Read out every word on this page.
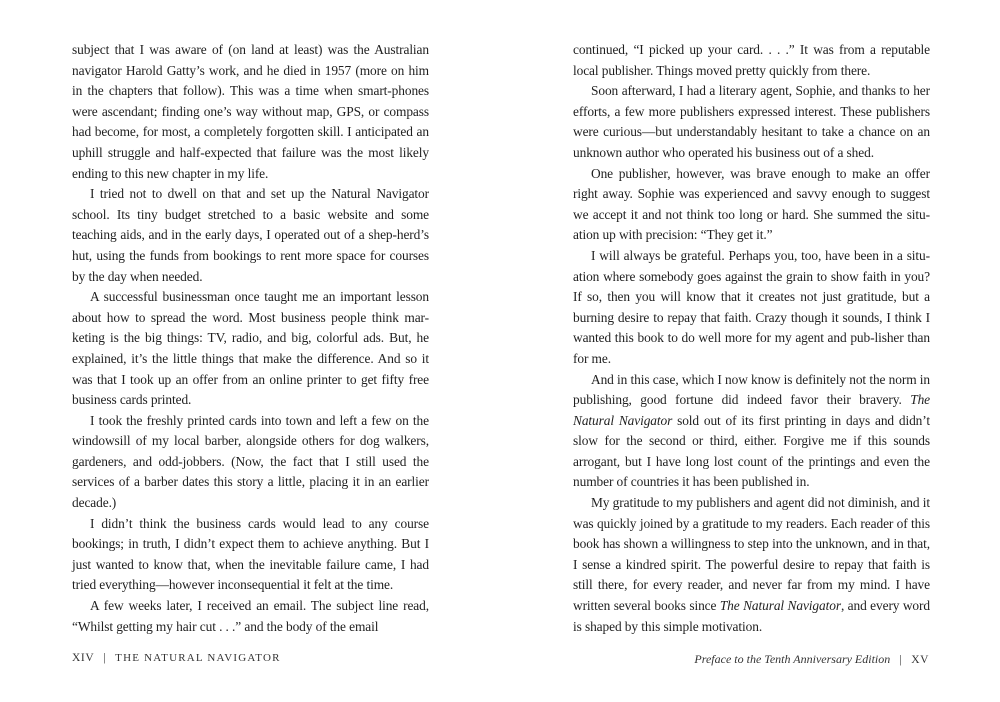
subject that I was aware of (on land at least) was the Australian navigator Harold Gatty’s work, and he died in 1957 (more on him in the chapters that follow). This was a time when smart-phones were ascendant; finding one’s way without map, GPS, or compass had become, for most, a completely forgotten skill. I anticipated an uphill struggle and half-expected that failure was the most likely ending to this new chapter in my life.

I tried not to dwell on that and set up the Natural Navigator school. Its tiny budget stretched to a basic website and some teaching aids, and in the early days, I operated out of a shep-herd’s hut, using the funds from bookings to rent more space for courses by the day when needed.

A successful businessman once taught me an important lesson about how to spread the word. Most business people think mar-keting is the big things: TV, radio, and big, colorful ads. But, he explained, it’s the little things that make the difference. And so it was that I took up an offer from an online printer to get fifty free business cards printed.

I took the freshly printed cards into town and left a few on the windowsill of my local barber, alongside others for dog walkers, gardeners, and odd-jobbers. (Now, the fact that I still used the services of a barber dates this story a little, placing it in an earlier decade.)

I didn’t think the business cards would lead to any course bookings; in truth, I didn’t expect them to achieve anything. But I just wanted to know that, when the inevitable failure came, I had tried everything—however inconsequential it felt at the time.

A few weeks later, I received an email. The subject line read, “Whilst getting my hair cut . . .” and the body of the email

XIV | THE NATURAL NAVIGATOR

continued, “I picked up your card. . . .” It was from a reputable local publisher. Things moved pretty quickly from there.

Soon afterward, I had a literary agent, Sophie, and thanks to her efforts, a few more publishers expressed interest. These publishers were curious—but understandably hesitant to take a chance on an unknown author who operated his business out of a shed.

One publisher, however, was brave enough to make an offer right away. Sophie was experienced and savvy enough to suggest we accept it and not think too long or hard. She summed the situ-ation up with precision: “They get it.”

I will always be grateful. Perhaps you, too, have been in a situ-ation where somebody goes against the grain to show faith in you? If so, then you will know that it creates not just gratitude, but a burning desire to repay that faith. Crazy though it sounds, I think I wanted this book to do well more for my agent and pub-lisher than for me.

And in this case, which I now know is definitely not the norm in publishing, good fortune did indeed favor their bravery. The Natural Navigator sold out of its first printing in days and didn’t slow for the second or third, either. Forgive me if this sounds arrogant, but I have long lost count of the printings and even the number of countries it has been published in.

My gratitude to my publishers and agent did not diminish, and it was quickly joined by a gratitude to my readers. Each reader of this book has shown a willingness to step into the unknown, and in that, I sense a kindred spirit. The powerful desire to repay that faith is still there, for every reader, and never far from my mind. I have written several books since The Natural Navigator, and every word is shaped by this simple motivation.

Preface to the Tenth Anniversary Edition | XV
